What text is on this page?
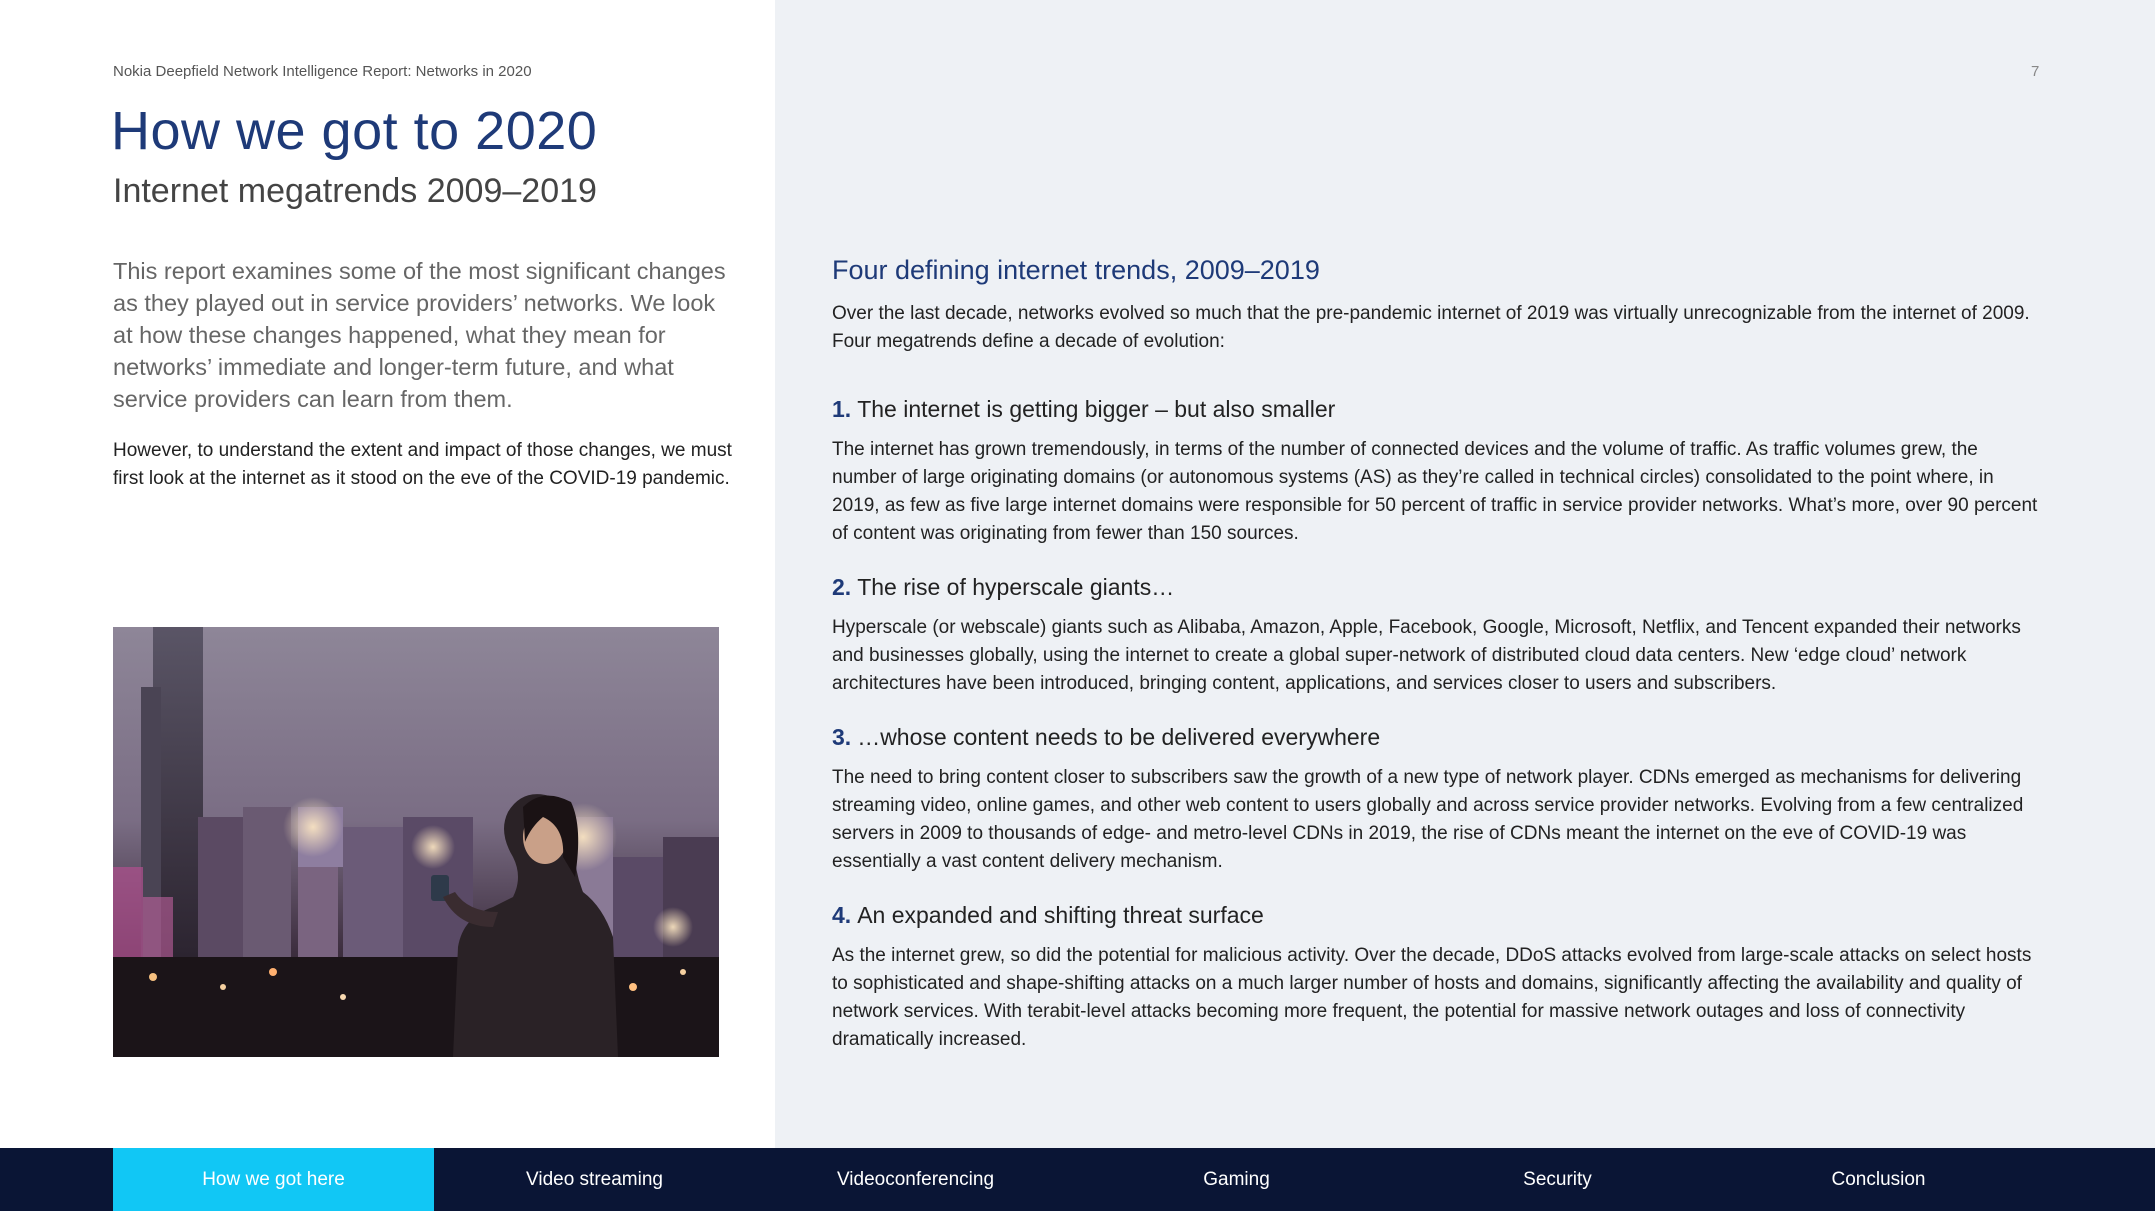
Nokia Deepfield Network Intelligence Report: Networks in 2020	7
How we got to 2020
Internet megatrends 2009–2019

This report examines some of the most significant changes as they played out in service providers’ networks. We look at how these changes happened, what they mean for networks’ immediate and longer-term future, and what service providers can learn from them.

However, to understand the extent and impact of those changes, we must first look at the internet as it stood on the eve of the COVID-19 pandemic.

Four defining internet trends, 2009–2019

Over the last decade, networks evolved so much that the pre-pandemic internet of 2019 was virtually unrecognizable from the internet of 2009. Four megatrends define a decade of evolution:

1. The internet is getting bigger – but also smaller

The internet has grown tremendously, in terms of the number of connected devices and the volume of traffic. As traffic volumes grew, the number of large originating domains (or autonomous systems (AS) as they’re called in technical circles) consolidated to the point where, in 2019, as few as five large internet domains were responsible for 50 percent of traffic in service provider networks. What’s more, over 90 percent of content was originating from fewer than 150 sources.

2. The rise of hyperscale giants…

Hyperscale (or webscale) giants such as Alibaba, Amazon, Apple, Facebook, Google, Microsoft, Netflix, and Tencent expanded their networks and businesses globally, using the internet to create a global super-network of distributed cloud data centers. New ‘edge cloud’ network architectures have been introduced, bringing content, applications, and services closer to users and subscribers.

3. …whose content needs to be delivered everywhere

The need to bring content closer to subscribers saw the growth of a new type of network player. CDNs emerged as mechanisms for delivering streaming video, online games, and other web content to users globally and across service provider networks. Evolving from a few centralized servers in 2009 to thousands of edge- and metro-level CDNs in 2019, the rise of CDNs meant the internet on the eve of COVID-19 was essentially a vast content delivery mechanism.

4. An expanded and shifting threat surface

As the internet grew, so did the potential for malicious activity. Over the decade, DDoS attacks evolved from large-scale attacks on select hosts to sophisticated and shape-shifting attacks on a much larger number of hosts and domains, significantly affecting the availability and quality of network services. With terabit-level attacks becoming more frequent, the potential for massive network outages and loss of connectivity dramatically increased.

How we got here	Video streaming	Videoconferencing	Gaming	Security	Conclusion
